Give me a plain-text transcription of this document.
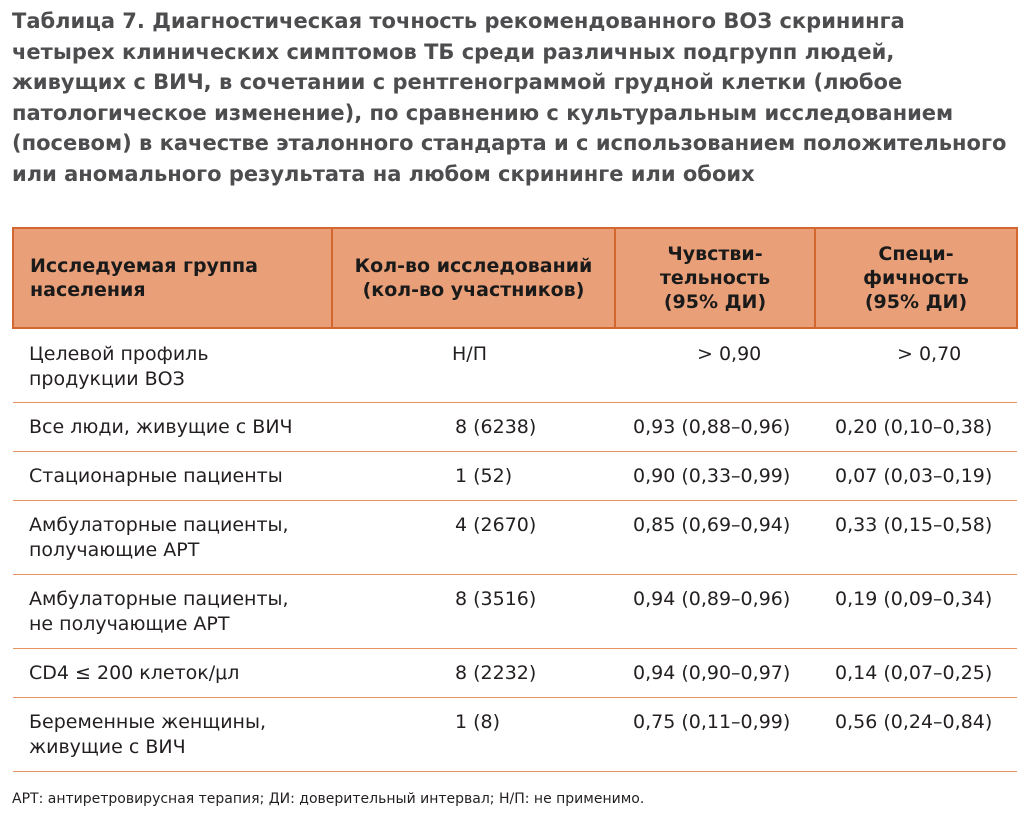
Таблица 7. Диагностическая точность рекомендованного ВОЗ скрининга
четырех клинических симптомов ТБ среди различных подгрупп людей,
живущих с ВИЧ, в сочетании с рентгенограммой грудной клетки (любое
патологическое изменение), по сравнению с культуральным исследованием
(посевом) в качестве эталонного стандарта и с использованием положительного
или аномального результата на любом скрининге или обоих
Исследуемая группа
населения	Кол-во исследований
(кол-во участников)	Чувстви-
тельность
(95% ДИ)	Специ-
фичность
(95% ДИ)

Целевой профиль
продукции ВОЗ	Н/П	> 0,90	> 0,70

Все люди, живущие с ВИЧ	8 (6238)	0,93 (0,88–0,96)	0,20 (0,10–0,38)

Стационарные пациенты	1 (52)	0,90 (0,33–0,99)	0,07 (0,03–0,19)

Амбулаторные пациенты,
получающие АРТ	4 (2670)	0,85 (0,69–0,94)	0,33 (0,15–0,58)

Амбулаторные пациенты,
не получающие АРТ	8 (3516)	0,94 (0,89–0,96)	0,19 (0,09–0,34)

CD4 ≤ 200 клеток/μл	8 (2232)	0,94 (0,90–0,97)	0,14 (0,07–0,25)

Беременные женщины,
живущие с ВИЧ	1 (8)	0,75 (0,11–0,99)	0,56 (0,24–0,84)
АРТ: антиретровирусная терапия; ДИ: доверительный интервал; Н/П: не применимо.
